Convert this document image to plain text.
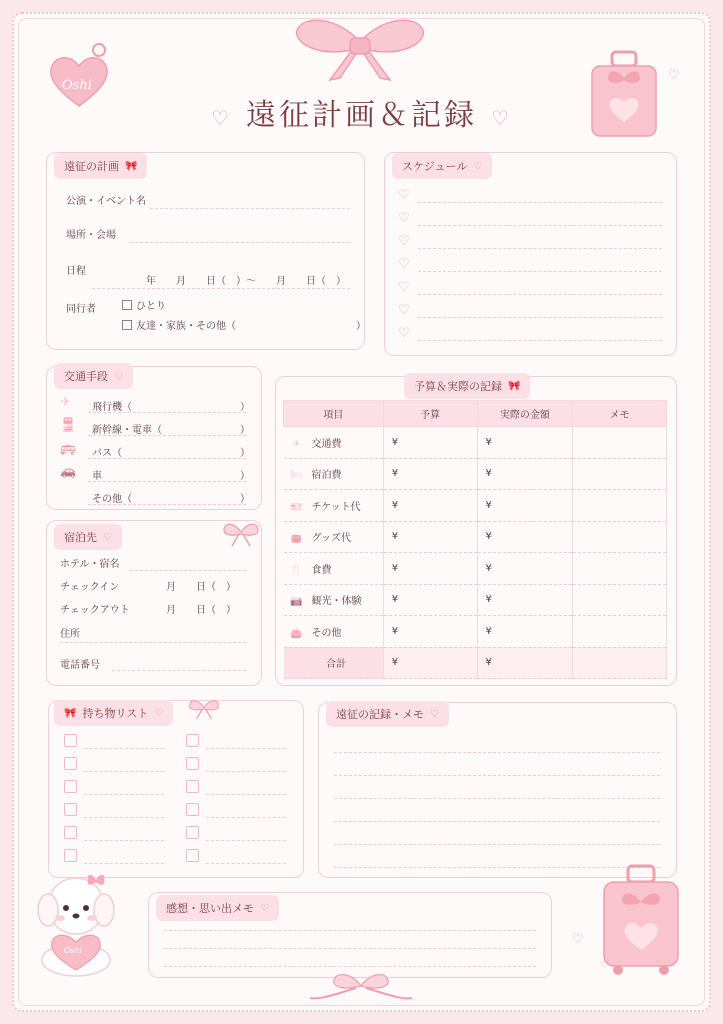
Oshi
♡ 遠征計画＆記録 ♡
遠征の計画 🎀
公演・イベント名
場所・会場
日程
年　　月　　日（　）〜　　月　　日（　）
同行者	ひとり
友達・家族・その他（　　　　　　　　　　　　）
スケジュール ♡
♡
♡
♡
♡
♡
♡
♡
交通手段 ♡
✈ 飛行機（	）
🚆 新幹線・電車（	）
🚌 バス（	）
🚗 車	）
その他（	）
宿泊先 ♡
ホテル・宿名
チェックイン	月　　日（　）
チェックアウト	月　　日（　）
住所
電話番号
予算＆実際の記録 🎀
項目	予算	実際の金額	メモ
✈ 交通費	¥	¥	
🛏 宿泊費	¥	¥	
🎫 チケット代	¥	¥	
👜 グッズ代	¥	¥	
🍴 食費	¥	¥	
📷 観光・体験	¥	¥	
👛 その他	¥	¥	
合計	¥	¥	
🎀 持ち物リスト ♡	遠征の記録・メモ ♡
感想・思い出メモ ♡
Oshi
♡
♡
♡
